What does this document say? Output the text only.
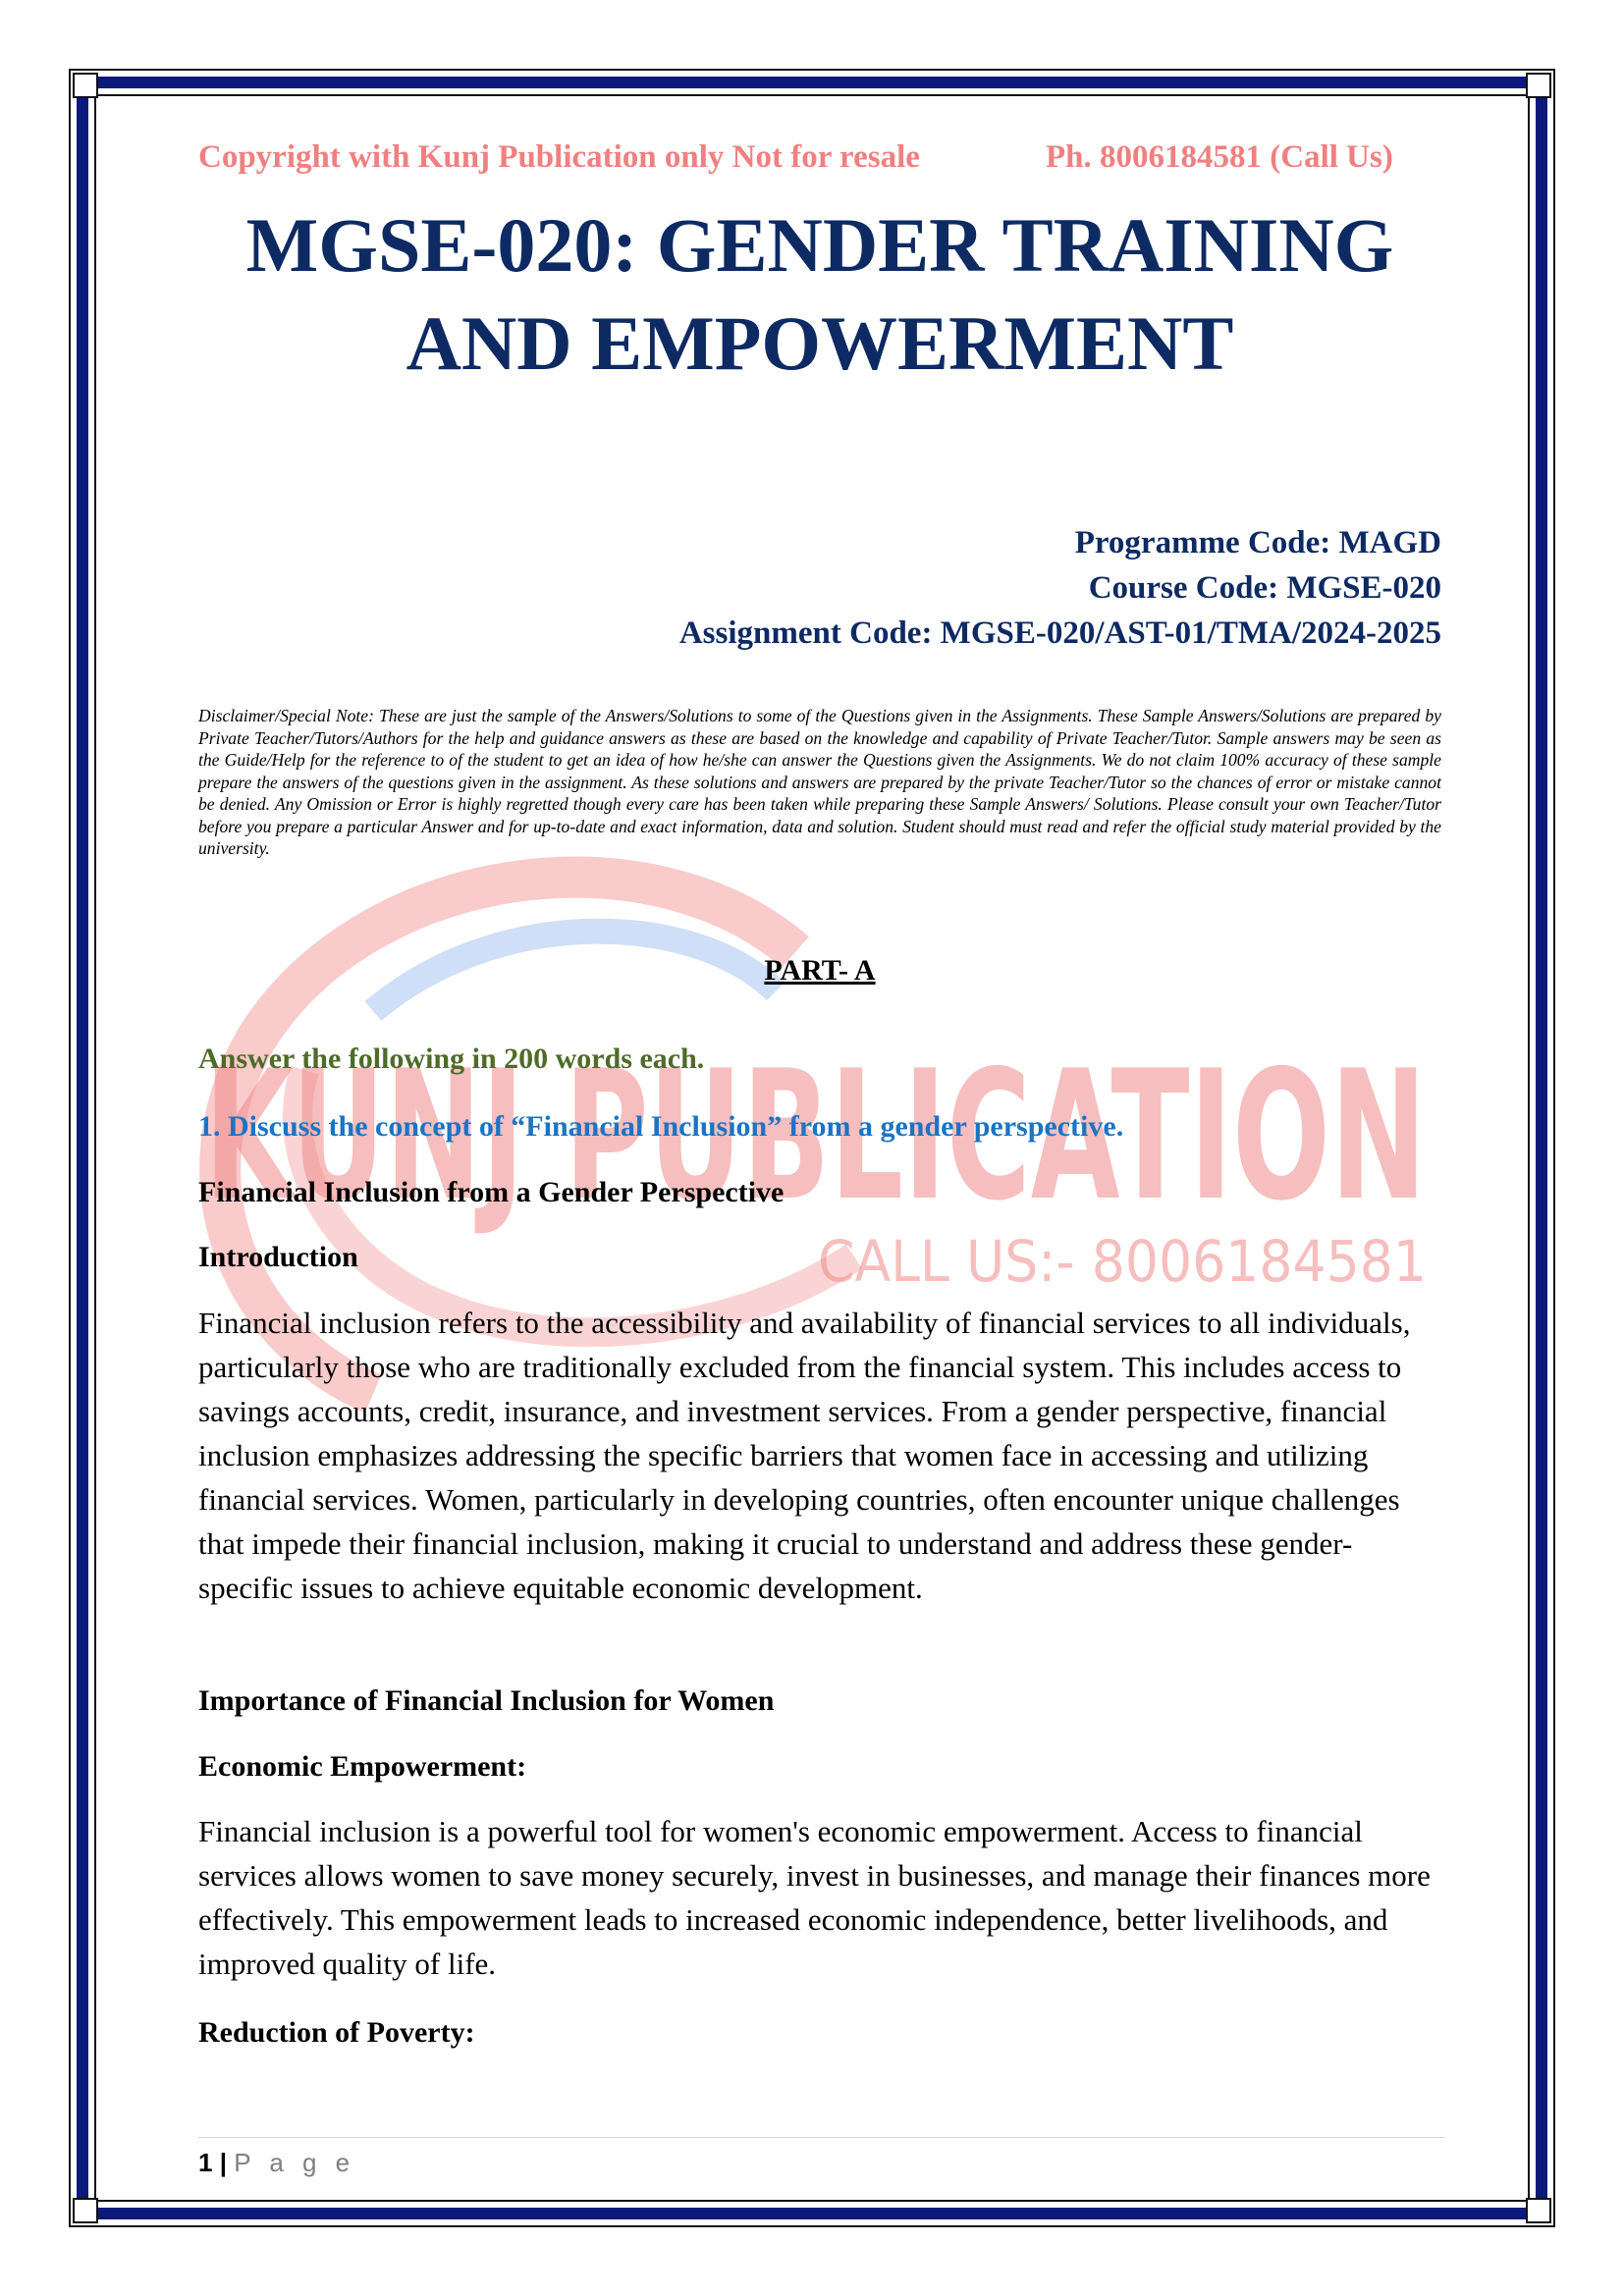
KUNJ PUBLICATION
CALL US:- 8006184581
Copyright with Kunj Publication only Not for resale	Ph. 8006184581 (Call Us)
MGSE-020: GENDER TRAINING
AND EMPOWERMENT
Programme Code: MAGD
Course Code: MGSE-020
Assignment Code: MGSE-020/AST-01/TMA/2024-2025
Disclaimer/Special Note: These are just the sample of the Answers/Solutions to some of the Questions given in the Assignments. These Sample Answers/Solutions are prepared by Private Teacher/Tutors/Authors for the help and guidance answers as these are based on the knowledge and capability of Private Teacher/Tutor. Sample answers may be seen as the Guide/Help for the reference to of the student to get an idea of how he/she can answer the Questions given the Assignments. We do not claim 100% accuracy of these sample prepare the answers of the questions given in the assignment. As these solutions and answers are prepared by the private Teacher/Tutor so the chances of error or mistake cannot be denied. Any Omission or Error is highly regretted though every care has been taken while preparing these Sample Answers/ Solutions. Please consult your own Teacher/Tutor before you prepare a particular Answer and for up-to-date and exact information, data and solution. Student should must read and refer the official study material provided by the university.
PART- A
Answer the following in 200 words each.
1. Discuss the concept of “Financial Inclusion” from a gender perspective.
Financial Inclusion from a Gender Perspective
Introduction
Financial inclusion refers to the accessibility and availability of financial services to all individuals, particularly those who are traditionally excluded from the financial system. This includes access to savings accounts, credit, insurance, and investment services. From a gender perspective, financial inclusion emphasizes addressing the specific barriers that women face in accessing and utilizing financial services. Women, particularly in developing countries, often encounter unique challenges that impede their financial inclusion, making it crucial to understand and address these gender-specific issues to achieve equitable economic development.
Importance of Financial Inclusion for Women
Economic Empowerment:
Financial inclusion is a powerful tool for women's economic empowerment. Access to financial services allows women to save money securely, invest in businesses, and manage their finances more effectively. This empowerment leads to increased economic independence, better livelihoods, and improved quality of life.
Reduction of Poverty:
1 | P a g e
